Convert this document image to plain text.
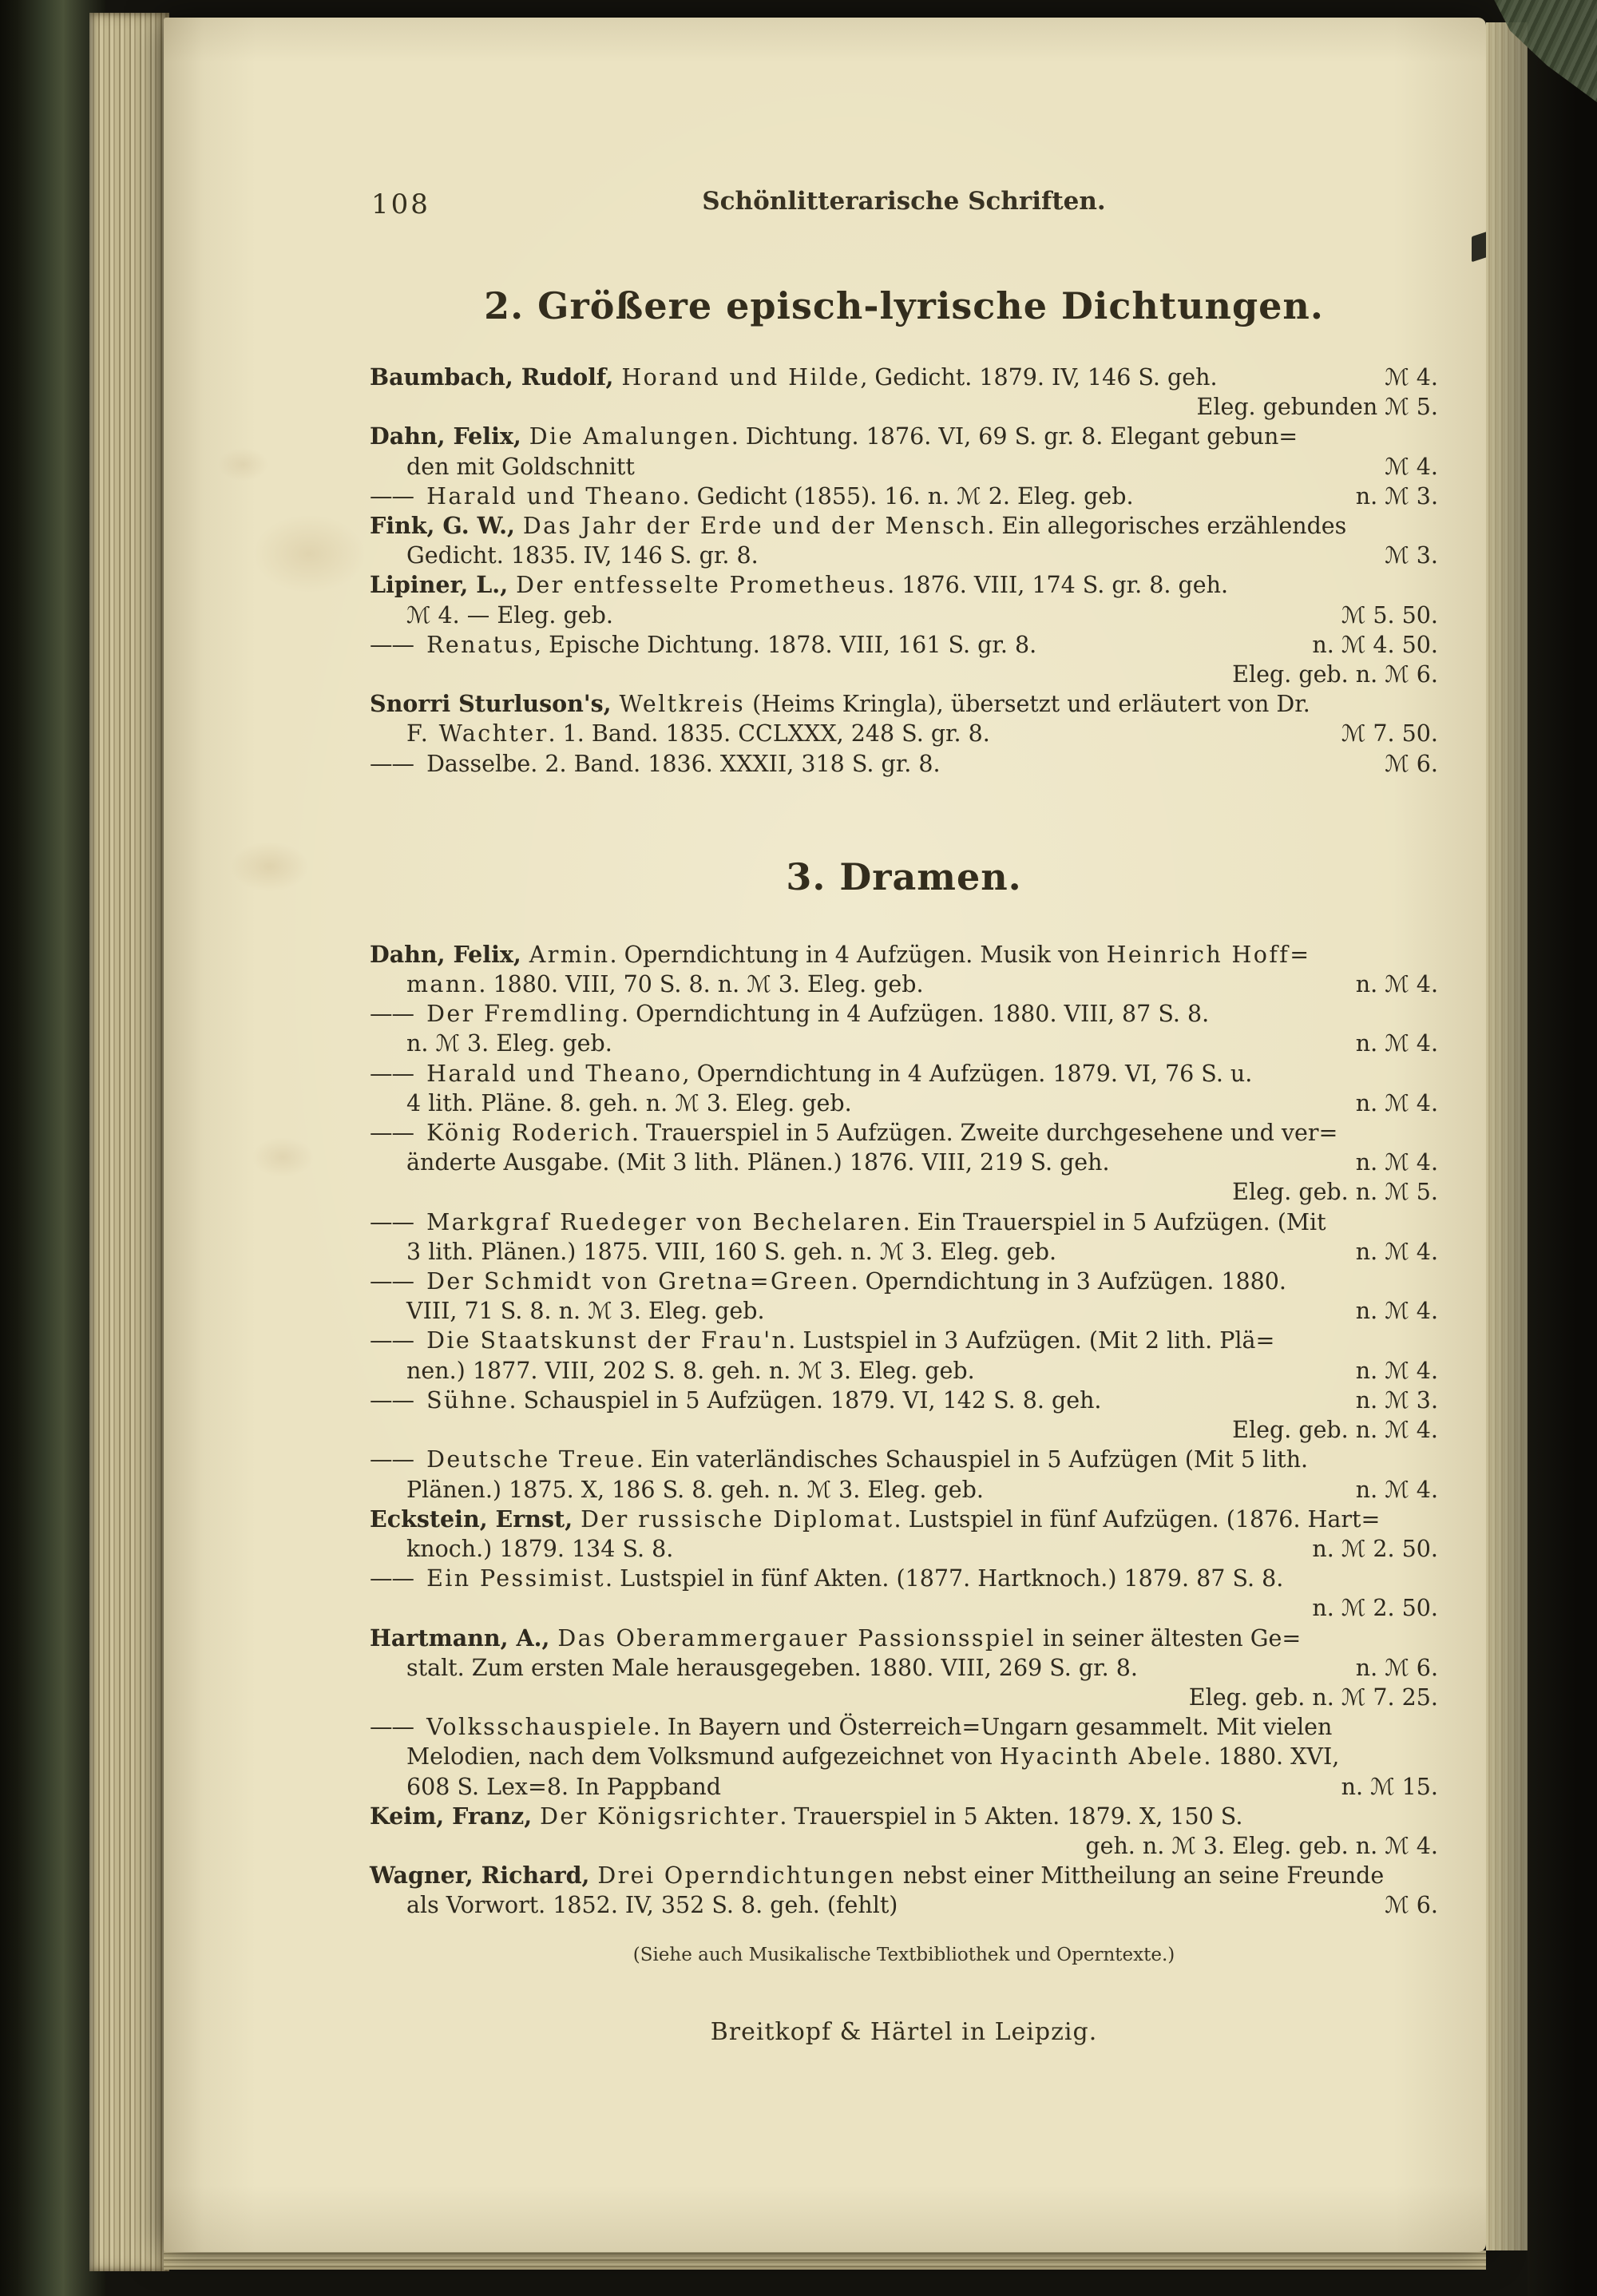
108	Schönlitterarische Schriften.
2. Größere episch-lyrische Dichtungen.
Baumbach, Rudolf, Horand und Hilde, Gedicht. 1879. IV, 146 S. geh.	ℳ 4.
Eleg. gebunden ℳ 5.
Dahn, Felix, Die Amalungen. Dichtung. 1876. VI, 69 S. gr. 8. Elegant gebun=
den mit Goldschnitt	ℳ 4.
—— Harald und Theano. Gedicht (1855). 16. n. ℳ 2. Eleg. geb.	n. ℳ 3.
Fink, G. W., Das Jahr der Erde und der Mensch. Ein allegorisches erzählendes
Gedicht. 1835. IV, 146 S. gr. 8.	ℳ 3.
Lipiner, L., Der entfesselte Prometheus. 1876. VIII, 174 S. gr. 8. geh.
ℳ 4. — Eleg. geb.	ℳ 5. 50.
—— Renatus, Epische Dichtung. 1878. VIII, 161 S. gr. 8.	n. ℳ 4. 50.
Eleg. geb. n. ℳ 6.
Snorri Sturluson's, Weltkreis (Heims Kringla), übersetzt und erläutert von Dr.
F. Wachter. 1. Band. 1835. CCLXXX, 248 S. gr. 8.	ℳ 7. 50.
—— Dasselbe. 2. Band. 1836. XXXII, 318 S. gr. 8.	ℳ 6.
3. Dramen.
Dahn, Felix, Armin. Operndichtung in 4 Aufzügen. Musik von Heinrich Hoff=
mann. 1880. VIII, 70 S. 8. n. ℳ 3. Eleg. geb.	n. ℳ 4.
—— Der Fremdling. Operndichtung in 4 Aufzügen. 1880. VIII, 87 S. 8.
n. ℳ 3. Eleg. geb.	n. ℳ 4.
—— Harald und Theano, Operndichtung in 4 Aufzügen. 1879. VI, 76 S. u.
4 lith. Pläne. 8. geh. n. ℳ 3. Eleg. geb.	n. ℳ 4.
—— König Roderich. Trauerspiel in 5 Aufzügen. Zweite durchgesehene und ver=
änderte Ausgabe. (Mit 3 lith. Plänen.) 1876. VIII, 219 S. geh.	n. ℳ 4.
Eleg. geb. n. ℳ 5.
—— Markgraf Ruedeger von Bechelaren. Ein Trauerspiel in 5 Aufzügen. (Mit
3 lith. Plänen.) 1875. VIII, 160 S. geh. n. ℳ 3. Eleg. geb.	n. ℳ 4.
—— Der Schmidt von Gretna=Green. Operndichtung in 3 Aufzügen. 1880.
VIII, 71 S. 8. n. ℳ 3. Eleg. geb.	n. ℳ 4.
—— Die Staatskunst der Frau'n. Lustspiel in 3 Aufzügen. (Mit 2 lith. Plä=
nen.) 1877. VIII, 202 S. 8. geh. n. ℳ 3. Eleg. geb.	n. ℳ 4.
—— Sühne. Schauspiel in 5 Aufzügen. 1879. VI, 142 S. 8. geh.	n. ℳ 3.
Eleg. geb. n. ℳ 4.
—— Deutsche Treue. Ein vaterländisches Schauspiel in 5 Aufzügen (Mit 5 lith.
Plänen.) 1875. X, 186 S. 8. geh. n. ℳ 3. Eleg. geb.	n. ℳ 4.
Eckstein, Ernst, Der russische Diplomat. Lustspiel in fünf Aufzügen. (1876. Hart=
knoch.) 1879. 134 S. 8.	n. ℳ 2. 50.
—— Ein Pessimist. Lustspiel in fünf Akten. (1877. Hartknoch.) 1879. 87 S. 8.
n. ℳ 2. 50.
Hartmann, A., Das Oberammergauer Passionsspiel in seiner ältesten Ge=
stalt. Zum ersten Male herausgegeben. 1880. VIII, 269 S. gr. 8.	n. ℳ 6.
Eleg. geb. n. ℳ 7. 25.
—— Volksschauspiele. In Bayern und Österreich=Ungarn gesammelt. Mit vielen
Melodien, nach dem Volksmund aufgezeichnet von Hyacinth Abele. 1880. XVI,
608 S. Lex=8. In Pappband	n. ℳ 15.
Keim, Franz, Der Königsrichter. Trauerspiel in 5 Akten. 1879. X, 150 S.
geh. n. ℳ 3. Eleg. geb. n. ℳ 4.
Wagner, Richard, Drei Operndichtungen nebst einer Mittheilung an seine Freunde
als Vorwort. 1852. IV, 352 S. 8. geh. (fehlt)	ℳ 6.
(Siehe auch Musikalische Textbibliothek und Operntexte.)
Breitkopf & Härtel in Leipzig.
